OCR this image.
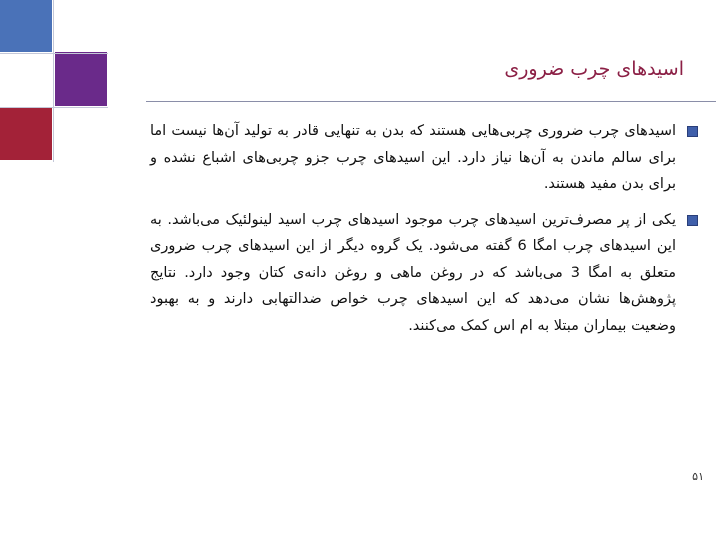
اسیدهای چرب ضروری
اسیدهای چرب ضروری چربی‌هایی هستند که بدن به تنهایی قادر به تولید آن‌ها نیست اما برای سالم ماندن به آن‌ها نیاز دارد. این اسیدهای چرب جزو چربی‌های اشباع نشده و برای بدن مفید هستند.
یکی از پر مصرف‌ترین اسیدهای چرب موجود اسیدهای چرب اسید لینولئیک می‌باشد. به این اسیدهای چرب امگا 6 گفته می‌شود. یک گروه دیگر از این اسیدهای چرب ضروری متعلق به امگا 3 می‌باشد که در روغن ماهی و روغن دانه‌ی کتان وجود دارد. نتایج پژوهش‌ها نشان می‌دهد که این اسیدهای چرب خواص ضدالتهابی دارند و به بهبود وضعیت بیماران مبتلا به ام اس کمک می‌کنند.
۵۱
